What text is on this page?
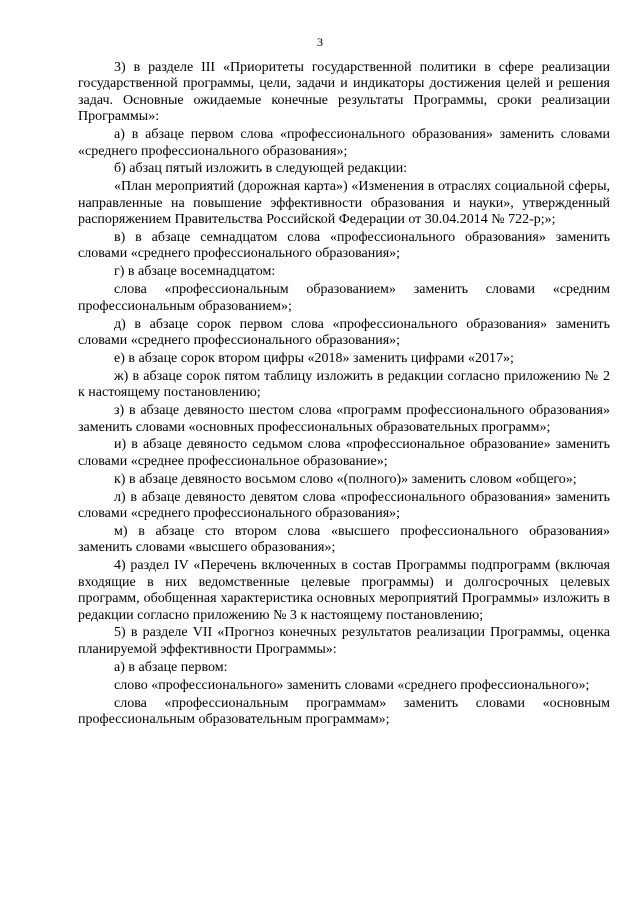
3

3) в разделе III «Приоритеты государственной политики в сфере реализации государственной программы, цели, задачи и индикаторы достижения целей и решения задач. Основные ожидаемые конечные результаты Программы, сроки реализации Программы»:

а) в абзаце первом слова «профессионального образования» заменить словами «среднего профессионального образования»;

б) абзац пятый изложить в следующей редакции:

«План мероприятий (дорожная карта») «Изменения в отраслях социальной сферы, направленные на повышение эффективности образования и науки», утвержденный распоряжением Правительства Российской Федерации от 30.04.2014 № 722-р;»;

в) в абзаце семнадцатом слова «профессионального образования» заменить словами «среднего профессионального образования»;

г) в абзаце восемнадцатом:

слова «профессиональным образованием» заменить словами «средним профессиональным образованием»;

д) в абзаце сорок первом слова «профессионального образования» заменить словами «среднего профессионального образования»;

е) в абзаце сорок втором цифры «2018» заменить цифрами «2017»;

ж) в абзаце сорок пятом таблицу изложить в редакции согласно приложению № 2 к настоящему постановлению;

з) в абзаце девяносто шестом слова «программ профессионального образования» заменить словами «основных профессиональных образовательных программ»;

и) в абзаце девяносто седьмом слова «профессиональное образование» заменить словами «среднее профессиональное образование»;

к) в абзаце девяносто восьмом слово «(полного)» заменить словом «общего»;

л) в абзаце девяносто девятом слова «профессионального образования» заменить словами «среднего профессионального образования»;

м) в абзаце сто втором слова «высшего профессионального образования» заменить словами «высшего образования»;

4) раздел IV «Перечень включенных в состав Программы подпрограмм (включая входящие в них ведомственные целевые программы) и долгосрочных целевых программ, обобщенная характеристика основных мероприятий Программы» изложить в редакции согласно приложению № 3 к настоящему постановлению;

5) в разделе VII «Прогноз конечных результатов реализации Программы, оценка планируемой эффективности Программы»:

а) в абзаце первом:

слово «профессионального» заменить словами «среднего профессионального»;

слова «профессиональным программам» заменить словами «основным профессиональным образовательным программам»;
